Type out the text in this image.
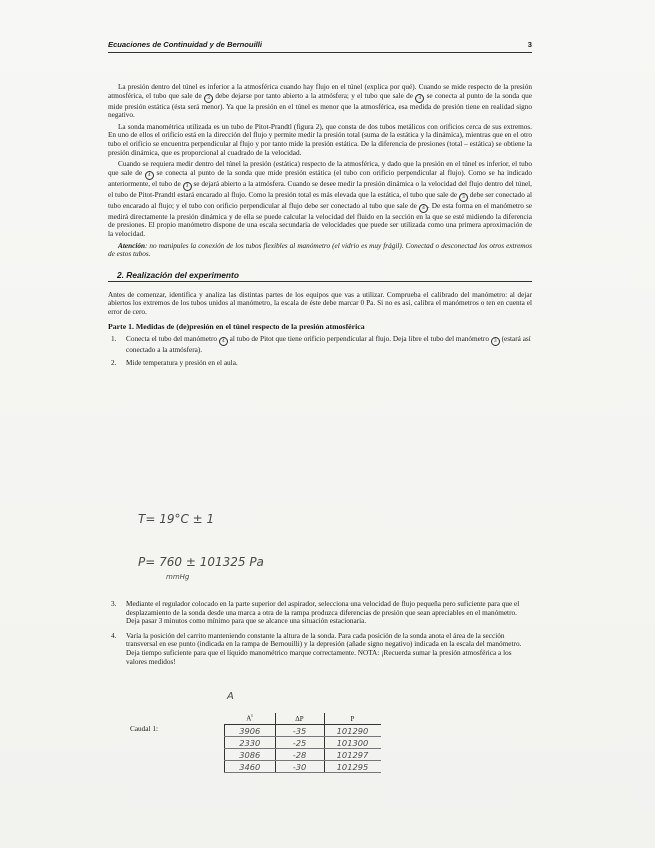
Ecuaciones de Continuidad y de Bernouilli	3

La presión dentro del túnel es inferior a la atmosférica cuando hay flujo en el túnel (explica por qué). Cuando se mide respecto de la presión atmosférica, el tubo que sale de 3 debe dejarse por tanto abierto a la atmósfera; y el tubo que sale de 4 se conecta al punto de la sonda que mide presión estática (ésta será menor). Ya que la presión en el túnel es menor que la atmosférica, esa medida de presión tiene en realidad signo negativo.

La sonda manométrica utilizada es un tubo de Pitot-Prandtl (figura 2), que consta de dos tubos metálicos con orificios cerca de sus extremos. En uno de ellos el orificio está en la dirección del flujo y permite medir la presión total (suma de la estática y la dinámica), mientras que en el otro tubo el orificio se encuentra perpendicular al flujo y por tanto mide la presión estática. De la diferencia de presiones (total – estática) se obtiene la presión dinámica, que es proporcional al cuadrado de la velocidad.

Cuando se requiera medir dentro del túnel la presión (estática) respecto de la atmosférica, y dado que la presión en el túnel es inferior, el tubo que sale de 4 se conecta al punto de la sonda que mide presión estática (el tubo con orificio perpendicular al flujo). Como se ha indicado anteriormente, el tubo de 3 se dejará abierto a la atmósfera. Cuando se desee medir la presión dinámica o la velocidad del flujo dentro del túnel, el tubo de Pitot-Prandtl estará encarado al flujo. Como la presión total es más elevada que la estática, el tubo que sale de 3 debe ser conectado al tubo encarado al flujo; y el tubo con orificio perpendicular al flujo debe ser conectado al tubo que sale de 4 . De esta forma en el manómetro se medirá directamente la presión dinámica y de ella se puede calcular la velocidad del fluido en la sección en la que se esté midiendo la diferencia de presiones. El propio manómetro dispone de una escala secundaria de velocidades que puede ser utilizada como una primera aproximación de la velocidad.

Atención: no manipules la conexión de los tubos flexibles al manómetro (el vidrio es muy frágil). Conectad o desconectad los otros extremos de estos tubos.

2. Realización del experimento

Antes de comenzar, identifica y analiza las distintas partes de los equipos que vas a utilizar. Comprueba el calibrado del manómetro: al dejar abiertos los extremos de los tubos unidos al manómetro, la escala de éste debe marcar 0 Pa. Si no es así, calibra el manómetros o ten en cuenta el error de cero.

Parte 1. Medidas de (de)presión en el túnel respecto de la presión atmosférica

1. Conecta el tubo del manómetro 4 al tubo de Pitot que tiene orificio perpendicular al flujo. Deja libre el tubo del manómetro 3 (estará así conectado a la atmósfera).

2. Mide temperatura y presión en el aula.

T= 19°C ± 1
P= 760 ± 101325 Pa
mmHg

3. Mediante el regulador colocado en la parte superior del aspirador, selecciona una velocidad de flujo pequeña pero suficiente para que el desplazamiento de la sonda desde una marca a otra de la rampa produzca diferencias de presión que sean apreciables en el manómetro. Deja pasar 3 minutos como mínimo para que se alcance una situación estacionaria.

4. Varía la posición del carrito manteniendo constante la altura de la sonda. Para cada posición de la sonda anota el área de la sección transversal en ese punto (indicada en la rampa de Bernouilli) y la depresión (añade signo negativo) indicada en la escala del manómetro. Deja tiempo suficiente para que el líquido manométrico marque correctamente. NOTA: ¡Recuerda sumar la presión atmosférica a los valores medidos!

A
Caudal 1:
$A^t$	ΔP	P
3906	-35	101290
2330	-25	101300
3086	-28	101297
3460	-30	101295
